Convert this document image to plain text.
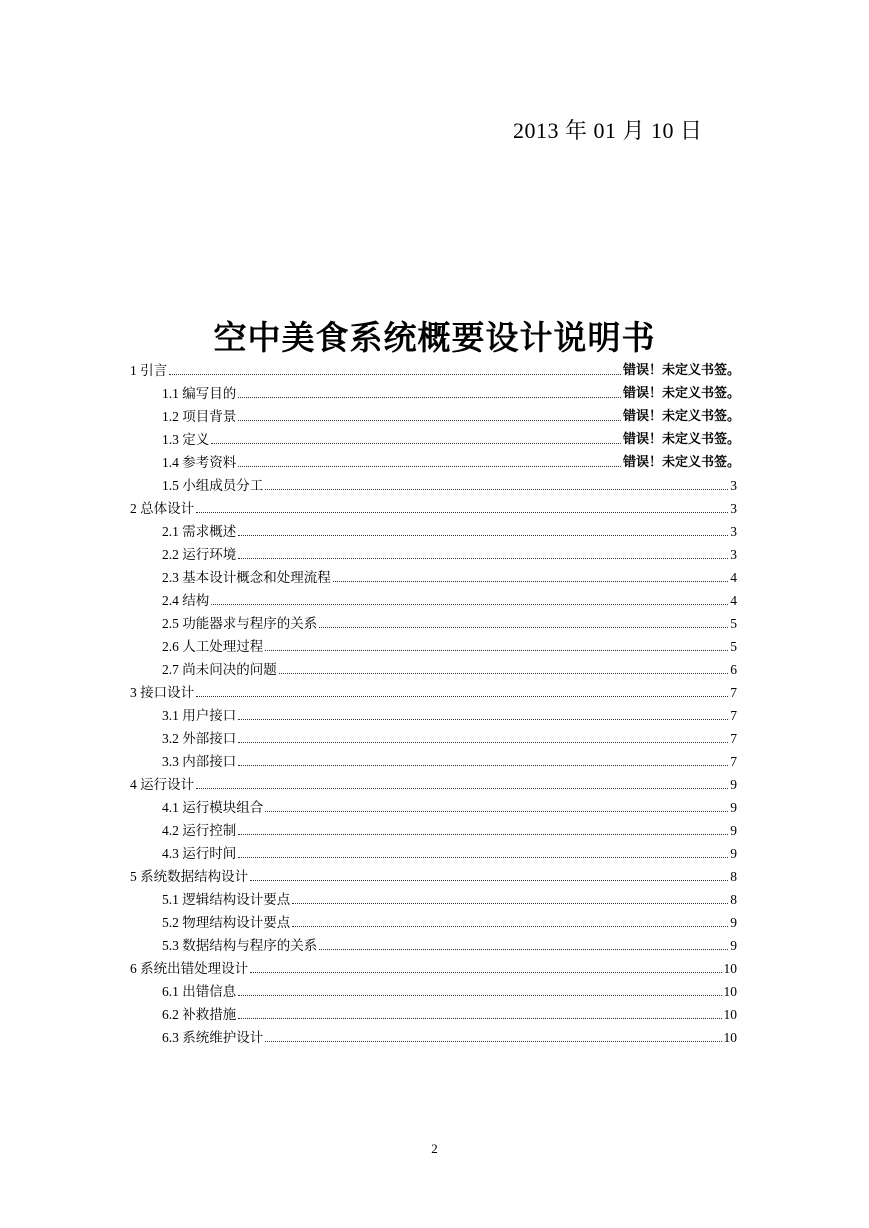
2013 年 01 月 10 日
空中美食系统概要设计说明书
1 引言	错误！未定义书签。
1.1 编写目的	错误！未定义书签。
1.2 项目背景	错误！未定义书签。
1.3 定义	错误！未定义书签。
1.4 参考资料	错误！未定义书签。
1.5 小组成员分工	3
2 总体设计	3
2.1 需求概述	3
2.2 运行环境	3
2.3 基本设计概念和处理流程	4
2.4 结构	4
2.5 功能器求与程序的关系	5
2.6 人工处理过程	5
2.7 尚未问决的问题	6
3 接口设计	7
3.1 用户接口	7
3.2 外部接口	7
3.3 内部接口	7
4 运行设计	9
4.1 运行模块组合	9
4.2 运行控制	9
4.3 运行时间	9
5 系统数据结构设计	8
5.1 逻辑结构设计要点	8
5.2 物理结构设计要点	9
5.3 数据结构与程序的关系	9
6 系统出错处理设计	10
6.1 出错信息	10
6.2 补救措施	10
6.3 系统维护设计	10
2
